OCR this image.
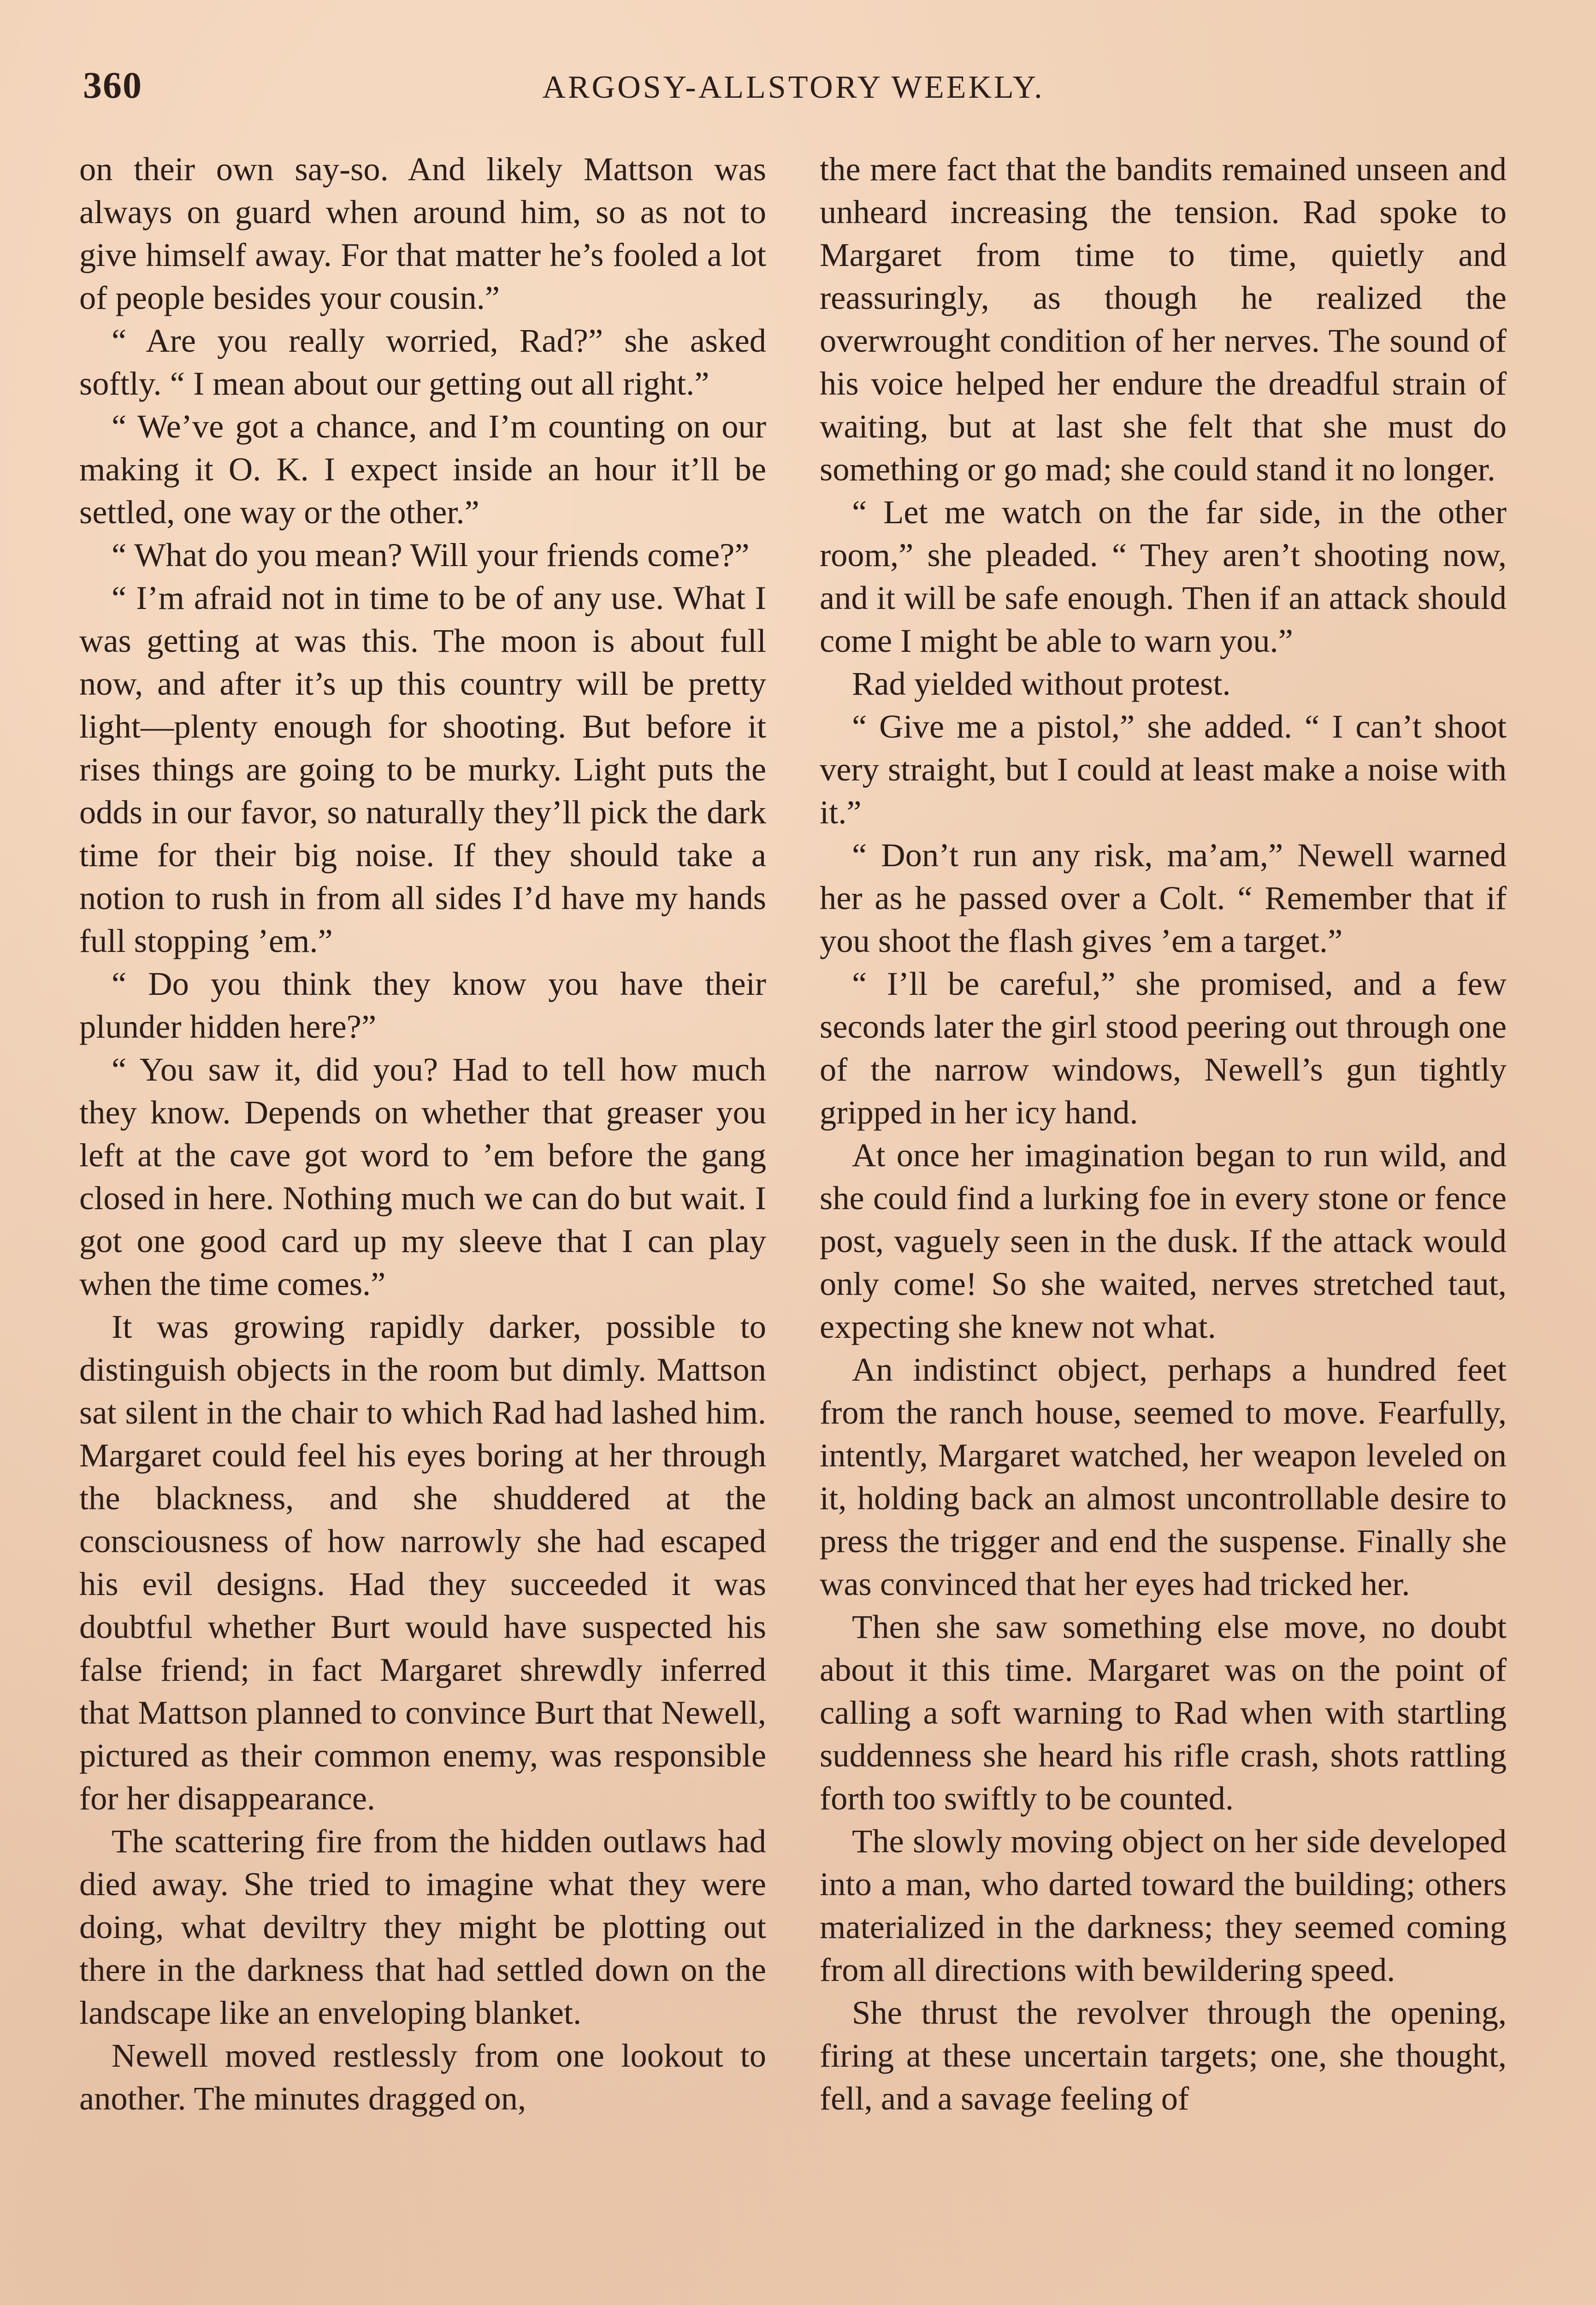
360	ARGOSY-ALLSTORY WEEKLY.

on their own say-so. And likely Mattson was always on guard when around him, so as not to give himself away. For that matter he’s fooled a lot of people besides your cousin.”

“ Are you really worried, Rad?” she asked softly. “ I mean about our getting out all right.”

“ We’ve got a chance, and I’m counting on our making it O. K. I expect inside an hour it’ll be settled, one way or the other.”

“ What do you mean? Will your friends come?”

“ I’m afraid not in time to be of any use. What I was getting at was this. The moon is about full now, and after it’s up this country will be pretty light—plenty enough for shooting. But before it rises things are going to be murky. Light puts the odds in our favor, so naturally they’ll pick the dark time for their big noise. If they should take a notion to rush in from all sides I’d have my hands full stopping ’em.”

“ Do you think they know you have their plunder hidden here?”

“ You saw it, did you? Had to tell how much they know. Depends on whether that greaser you left at the cave got word to ’em before the gang closed in here. Nothing much we can do but wait. I got one good card up my sleeve that I can play when the time comes.”

It was growing rapidly darker, possible to distinguish objects in the room but dimly. Mattson sat silent in the chair to which Rad had lashed him. Margaret could feel his eyes boring at her through the blackness, and she shuddered at the consciousness of how narrowly she had escaped his evil designs. Had they succeeded it was doubtful whether Burt would have suspected his false friend; in fact Margaret shrewdly inferred that Mattson planned to convince Burt that Newell, pictured as their common enemy, was responsible for her disappearance.

The scattering fire from the hidden outlaws had died away. She tried to imagine what they were doing, what deviltry they might be plotting out there in the darkness that had settled down on the landscape like an enveloping blanket.

Newell moved restlessly from one lookout to another. The minutes dragged on,

the mere fact that the bandits remained unseen and unheard increasing the tension. Rad spoke to Margaret from time to time, quietly and reassuringly, as though he realized the overwrought condition of her nerves. The sound of his voice helped her endure the dreadful strain of waiting, but at last she felt that she must do something or go mad; she could stand it no longer.

“ Let me watch on the far side, in the other room,” she pleaded. “ They aren’t shooting now, and it will be safe enough. Then if an attack should come I might be able to warn you.”

Rad yielded without protest.

“ Give me a pistol,” she added. “ I can’t shoot very straight, but I could at least make a noise with it.”

“ Don’t run any risk, ma’am,” Newell warned her as he passed over a Colt. “ Remember that if you shoot the flash gives ’em a target.”

“ I’ll be careful,” she promised, and a few seconds later the girl stood peering out through one of the narrow windows, Newell’s gun tightly gripped in her icy hand.

At once her imagination began to run wild, and she could find a lurking foe in every stone or fence post, vaguely seen in the dusk. If the attack would only come! So she waited, nerves stretched taut, expecting she knew not what.

An indistinct object, perhaps a hundred feet from the ranch house, seemed to move. Fearfully, intently, Margaret watched, her weapon leveled on it, holding back an almost uncontrollable desire to press the trigger and end the suspense. Finally she was convinced that her eyes had tricked her.

Then she saw something else move, no doubt about it this time. Margaret was on the point of calling a soft warning to Rad when with startling suddenness she heard his rifle crash, shots rattling forth too swiftly to be counted.

The slowly moving object on her side developed into a man, who darted toward the building; others materialized in the darkness; they seemed coming from all directions with bewildering speed.

She thrust the revolver through the opening, firing at these uncertain targets; one, she thought, fell, and a savage feeling of
